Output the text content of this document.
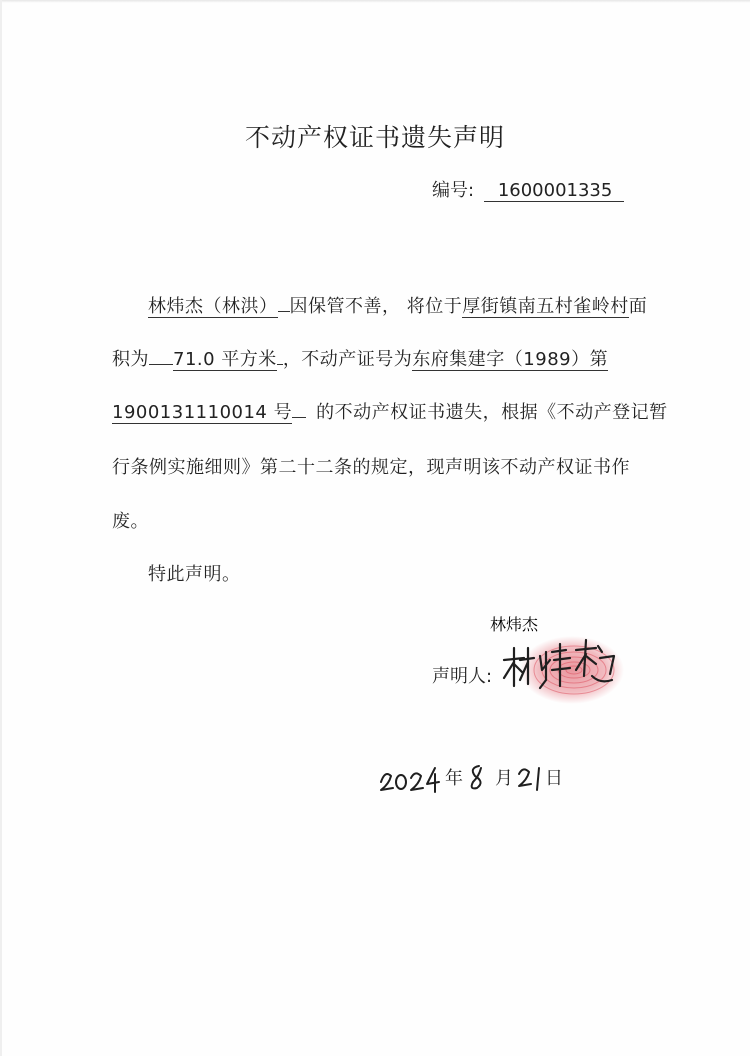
不动产权证书遗失声明
编号: 1600001335
林炜杰（林洪） 因保管不善， 将位于厚街镇南五村雀岭村面
积为 71.0 平方米 ，不动产证号为东府集建字（1989）第
1900131110014 号 的不动产权证书遗失，根据《不动产登记暂
行条例实施细则》第二十二条的规定，现声明该不动产权证书作
废。
特此声明。
声明人:
林炜杰
年 月 日
